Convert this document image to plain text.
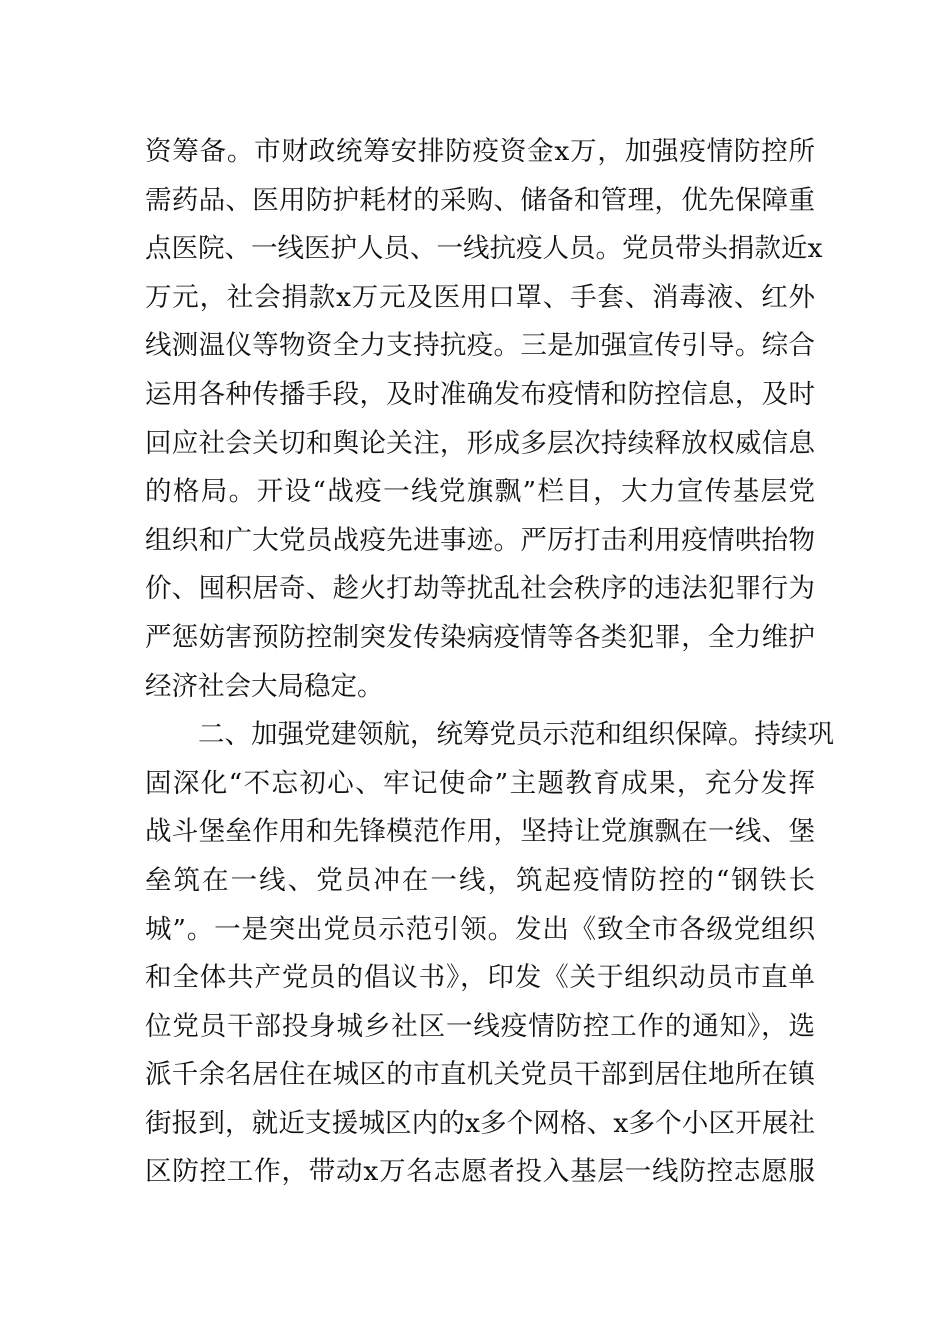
资筹备。市财政统筹安排防疫资金x万，加强疫情防控所
需药品、医用防护耗材的采购、储备和管理，优先保障重
点医院、一线医护人员、一线抗疫人员。党员带头捐款近x
万元，社会捐款x万元及医用口罩、手套、消毒液、红外
线测温仪等物资全力支持抗疫。三是加强宣传引导。综合
运用各种传播手段，及时准确发布疫情和防控信息，及时
回应社会关切和舆论关注，形成多层次持续释放权威信息
的格局。开设“战疫一线党旗飘”栏目，大力宣传基层党
组织和广大党员战疫先进事迹。严厉打击利用疫情哄抬物
价、囤积居奇、趁火打劫等扰乱社会秩序的违法犯罪行为
严惩妨害预防控制突发传染病疫情等各类犯罪，全力维护
经济社会大局稳定。
二、加强党建领航，统筹党员示范和组织保障。持续巩
固深化“不忘初心、牢记使命”主题教育成果，充分发挥
战斗堡垒作用和先锋模范作用，坚持让党旗飘在一线、堡
垒筑在一线、党员冲在一线，筑起疫情防控的“钢铁长
城”。一是突出党员示范引领。发出《致全市各级党组织
和全体共产党员的倡议书》，印发《关于组织动员市直单
位党员干部投身城乡社区一线疫情防控工作的通知》，选
派千余名居住在城区的市直机关党员干部到居住地所在镇
街报到，就近支援城区内的x多个网格、x多个小区开展社
区防控工作，带动x万名志愿者投入基层一线防控志愿服
